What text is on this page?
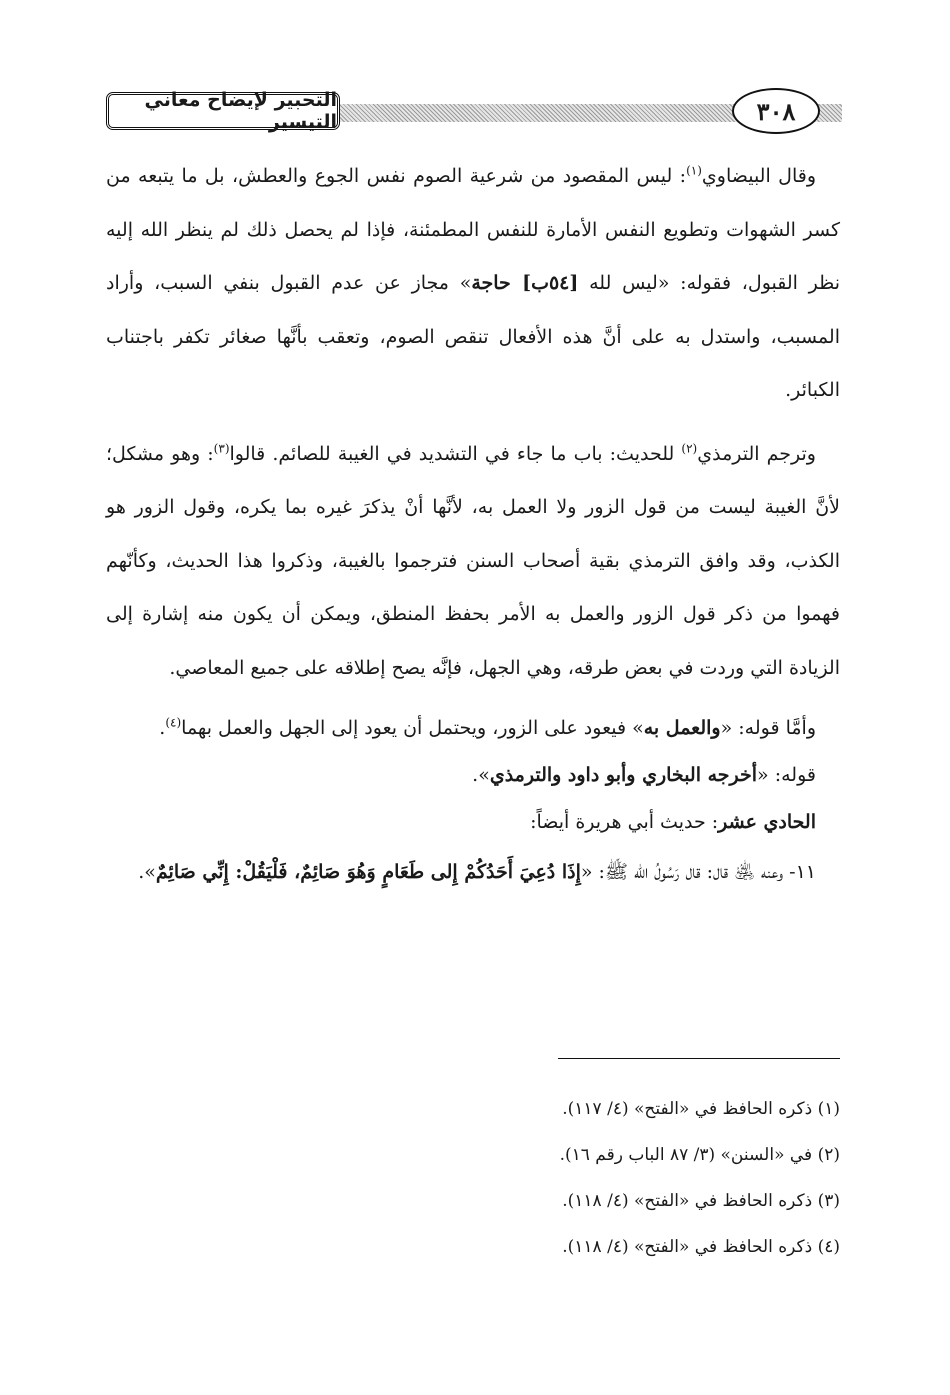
التحبير لإيضاح معاني التيسير	٣٠٨

وقال البيضاوي$^{(١)}$: ليس المقصود من شرعية الصوم نفس الجوع والعطش، بل ما يتبعه من كسر الشهوات وتطويع النفس الأمارة للنفس المطمئنة، فإذا لم يحصل ذلك لم ينظر الله إليه نظر القبول، فقوله: «ليس لله [٥٤ب] حاجة» مجاز عن عدم القبول بنفي السبب، وأراد المسبب، واستدل به على أنَّ هذه الأفعال تنقص الصوم، وتعقب بأنَّها صغائر تكفر باجتناب الكبائر.

وترجم الترمذي$^{(٢)}$ للحديث: باب ما جاء في التشديد في الغيبة للصائم. قالوا$^{(٣)}$: وهو مشكل؛ لأنَّ الغيبة ليست من قول الزور ولا العمل به، لأنَّها أنْ يذكرَ غيره بما يكره، وقول الزور هو الكذب، وقد وافق الترمذي بقية أصحاب السنن فترجموا بالغيبة، وذكروا هذا الحديث، وكأنّهم فهموا من ذكر قول الزور والعمل به الأمر بحفظ المنطق، ويمكن أن يكون منه إشارة إلى الزيادة التي وردت في بعض طرقه، وهي الجهل، فإنَّه يصح إطلاقه على جميع المعاصي.

وأمَّا قوله: «والعمل به» فيعود على الزور، ويحتمل أن يعود إلى الجهل والعمل بهما$^{(٤)}$.

قوله: «أخرجه البخاري وأبو داود والترمذي».

الحادي عشر: حديث أبي هريرة أيضاً:

١١- وعنه ﵁ قال: قال رَسُولُ الله ﷺ: «إِذَا دُعِيَ أَحَدُكُمْ إِلى طَعَامٍ وَهُوَ صَائِمٌ، فَلْيَقُلْ: إِنِّي صَائِمٌ».

(١) ذكره الحافظ في «الفتح» (٤/ ١١٧).
(٢) في «السنن» (٣/ ٨٧ الباب رقم ١٦).
(٣) ذكره الحافظ في «الفتح» (٤/ ١١٨).
(٤) ذكره الحافظ في «الفتح» (٤/ ١١٨).
